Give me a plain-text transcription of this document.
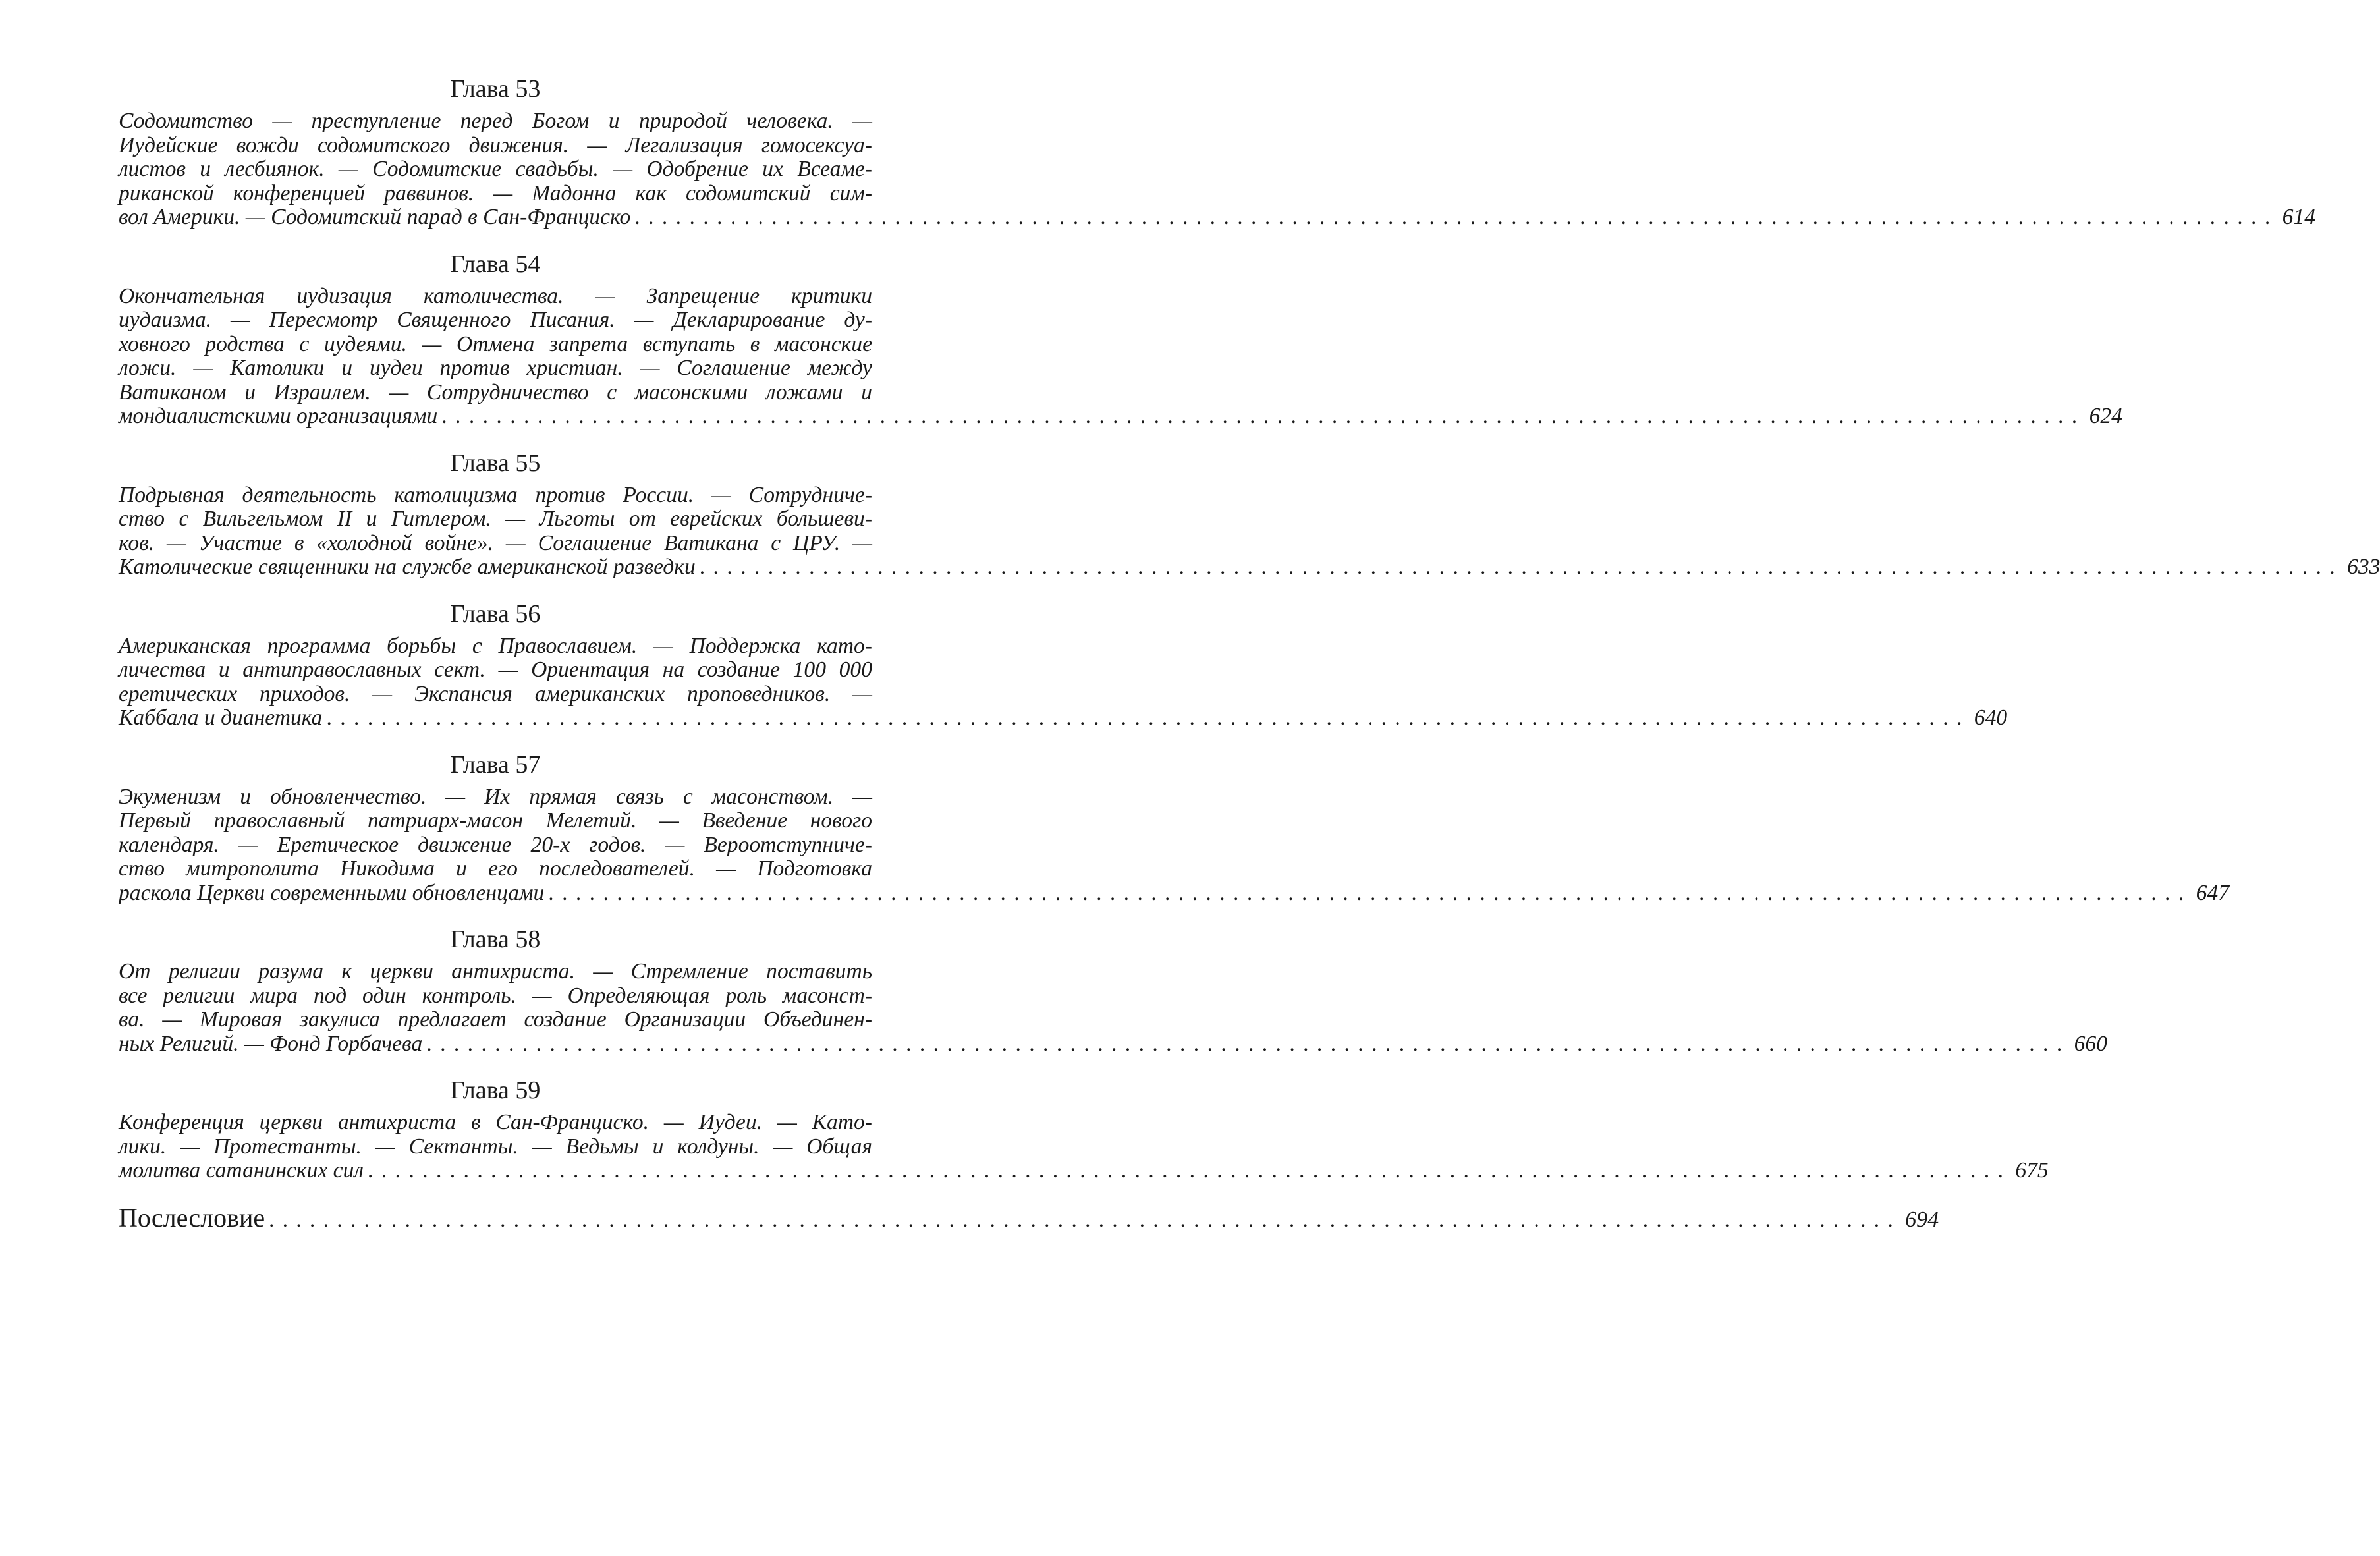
Глава 53
Содомитство — преступление перед Богом и природой человека. —
Иудейские вожди содомитского движения. — Легализация гомосексуа-
листов и лесбиянок. — Содомитские свадьбы. — Одобрение их Всеаме-
риканской конференцией раввинов. — Мадонна как содомитский сим-
вол Америки. — Содомитский парад в Сан-Франциско ........................................................................................................................ 614
Глава 54
Окончательная иудизация католичества. — Запрещение критики
иудаизма. — Пересмотр Священного Писания. — Декларирование ду-
ховного родства с иудеями. — Отмена запрета вступать в масонские
ложи. — Католики и иудеи против христиан. — Соглашение между
Ватиканом и Израилем. — Сотрудничество с масонскими ложами и
мондиалистскими организациями ........................................................................................................................ 624
Глава 55
Подрывная деятельность католицизма против России. — Сотрудниче-
ство с Вильгельмом II и Гитлером. — Льготы от еврейских большеви-
ков. — Участие в «холодной войне». — Соглашение Ватикана с ЦРУ. —
Католические священники на службе американской разведки ........................................................................................................................ 633
Глава 56
Американская программа борьбы с Православием. — Поддержка като-
личества и антиправославных сект. — Ориентация на создание 100 000
еретических приходов. — Экспансия американских проповедников. —
Каббала и дианетика ........................................................................................................................ 640
Глава 57
Экуменизм и обновленчество. — Их прямая связь с масонством. —
Первый православный патриарх-масон Мелетий. — Введение нового
календаря. — Еретическое движение 20-х годов. — Вероотступниче-
ство митрополита Никодима и его последователей. — Подготовка
раскола Церкви современными обновленцами ........................................................................................................................ 647
Глава 58
От религии разума к церкви антихриста. — Стремление поставить
все религии мира под один контроль. — Определяющая роль масонст-
ва. — Мировая закулиса предлагает создание Организации Объединен-
ных Религий. — Фонд Горбачева ........................................................................................................................ 660
Глава 59
Конференция церкви антихриста в Сан-Франциско. — Иудеи. — Като-
лики. — Протестанты. — Сектанты. — Ведьмы и колдуны. — Общая
молитва сатанинских сил ........................................................................................................................ 675
Послесловие ........................................................................................................................ 694
